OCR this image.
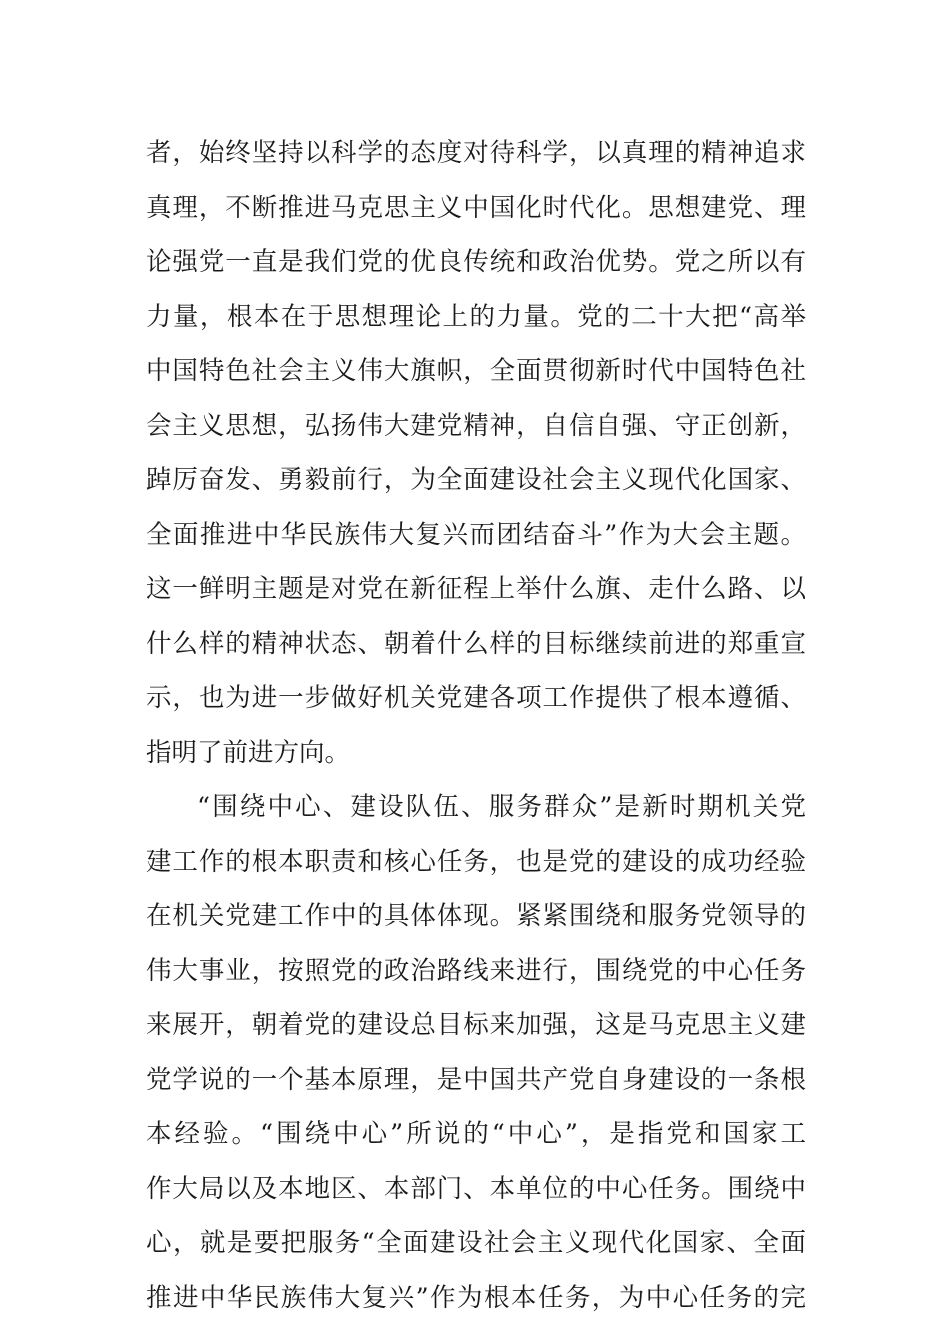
者，始终坚持以科学的态度对待科学，以真理的精神追求
真理，不断推进马克思主义中国化时代化。思想建党、理
论强党一直是我们党的优良传统和政治优势。党之所以有
力量，根本在于思想理论上的力量。党的二十大把“高举
中国特色社会主义伟大旗帜，全面贯彻新时代中国特色社
会主义思想，弘扬伟大建党精神，自信自强、守正创新，
踔厉奋发、勇毅前行，为全面建设社会主义现代化国家、
全面推进中华民族伟大复兴而团结奋斗”作为大会主题。
这一鲜明主题是对党在新征程上举什么旗、走什么路、以
什么样的精神状态、朝着什么样的目标继续前进的郑重宣
示，也为进一步做好机关党建各项工作提供了根本遵循、
指明了前进方向。
“围绕中心、建设队伍、服务群众”是新时期机关党
建工作的根本职责和核心任务，也是党的建设的成功经验
在机关党建工作中的具体体现。紧紧围绕和服务党领导的
伟大事业，按照党的政治路线来进行，围绕党的中心任务
来展开，朝着党的建设总目标来加强，这是马克思主义建
党学说的一个基本原理，是中国共产党自身建设的一条根
本经验。“围绕中心”所说的“中心”，是指党和国家工
作大局以及本地区、本部门、本单位的中心任务。围绕中
心，就是要把服务“全面建设社会主义现代化国家、全面
推进中华民族伟大复兴”作为根本任务，为中心任务的完
